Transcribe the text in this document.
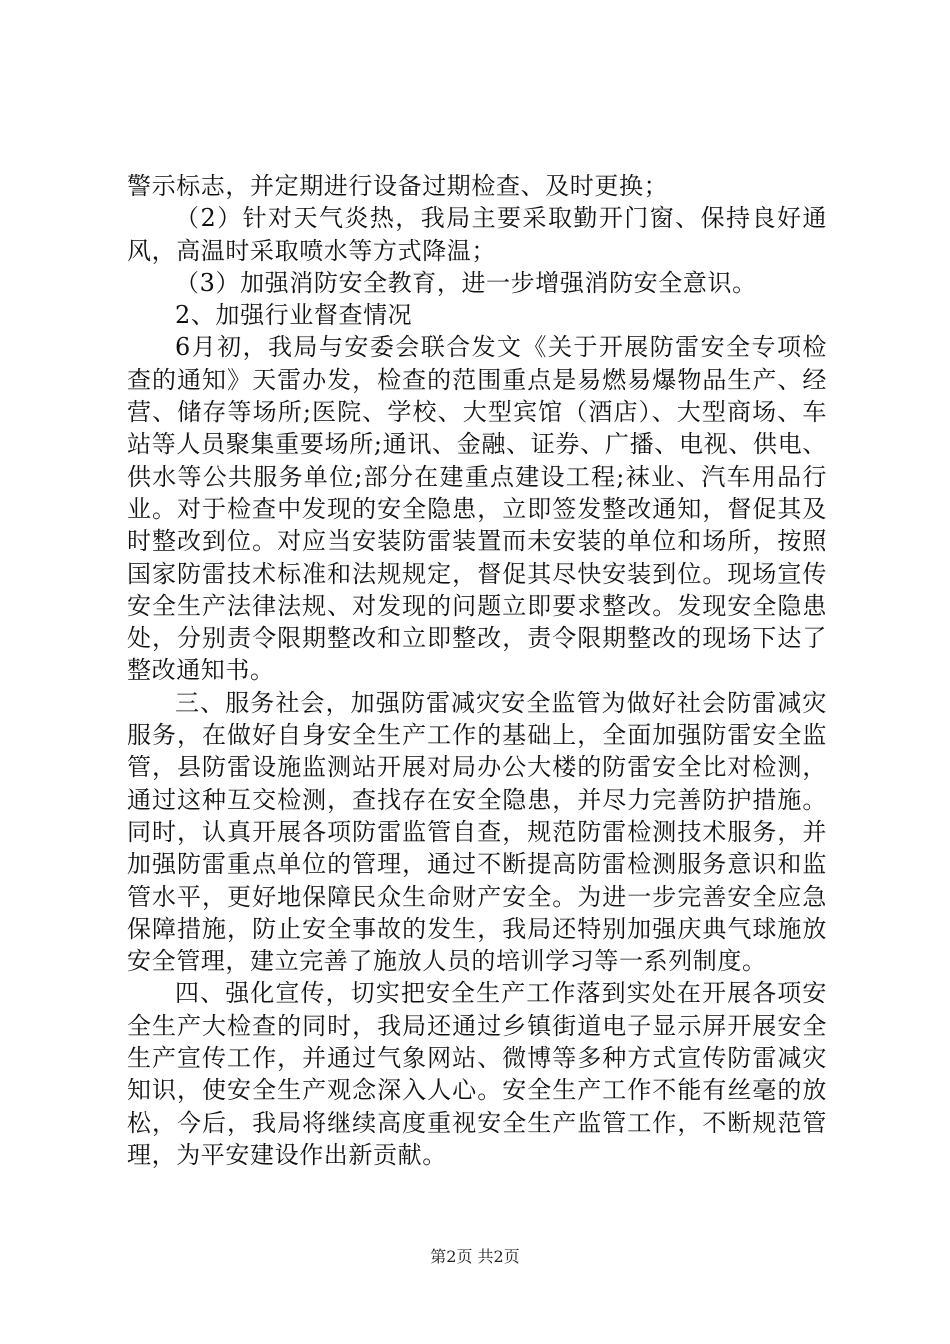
警示标志，并定期进行设备过期检查、及时更换；

（2）针对天气炎热，我局主要采取勤开门窗、保持良好通风，高温时采取喷水等方式降温；

（3）加强消防安全教育，进一步增强消防安全意识。

2、加强行业督查情况

6月初，我局与安委会联合发文《关于开展防雷安全专项检查的通知》天雷办发，检查的范围重点是易燃易爆物品生产、经营、储存等场所;医院、学校、大型宾馆（酒店）、大型商场、车站等人员聚集重要场所;通讯、金融、证券、广播、电视、供电、供水等公共服务单位;部分在建重点建设工程;袜业、汽车用品行业。对于检查中发现的安全隐患，立即签发整改通知，督促其及时整改到位。对应当安装防雷装置而未安装的单位和场所，按照国家防雷技术标准和法规规定，督促其尽快安装到位。现场宣传安全生产法律法规、对发现的问题立即要求整改。发现安全隐患处，分别责令限期整改和立即整改，责令限期整改的现场下达了整改通知书。

三、服务社会，加强防雷减灾安全监管为做好社会防雷减灾服务，在做好自身安全生产工作的基础上，全面加强防雷安全监管，县防雷设施监测站开展对局办公大楼的防雷安全比对检测，通过这种互交检测，查找存在安全隐患，并尽力完善防护措施。同时，认真开展各项防雷监管自查，规范防雷检测技术服务，并加强防雷重点单位的管理，通过不断提高防雷检测服务意识和监管水平，更好地保障民众生命财产安全。为进一步完善安全应急保障措施，防止安全事故的发生，我局还特别加强庆典气球施放安全管理，建立完善了施放人员的培训学习等一系列制度。

四、强化宣传，切实把安全生产工作落到实处在开展各项安全生产大检查的同时，我局还通过乡镇街道电子显示屏开展安全生产宣传工作，并通过气象网站、微博等多种方式宣传防雷减灾知识，使安全生产观念深入人心。安全生产工作不能有丝毫的放松，今后，我局将继续高度重视安全生产监管工作，不断规范管理，为平安建设作出新贡献。

第2页 共2页
